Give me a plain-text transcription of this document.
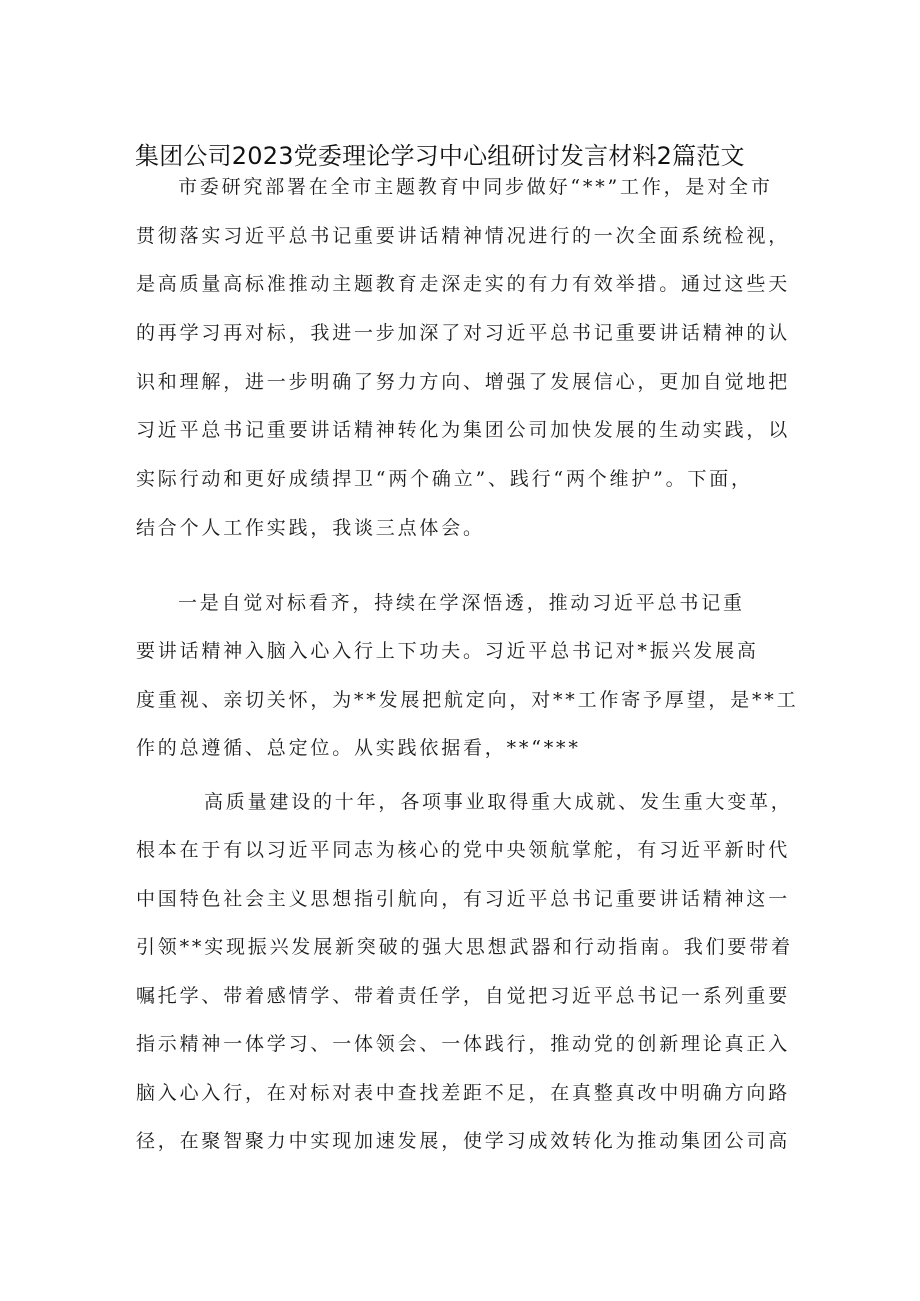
集团公司2023党委理论学习中心组研讨发言材料2篇范文
市委研究部署在全市主题教育中同步做好“**”工作，是对全市
贯彻落实习近平总书记重要讲话精神情况进行的一次全面系统检视，
是高质量高标准推动主题教育走深走实的有力有效举措。通过这些天
的再学习再对标，我进一步加深了对习近平总书记重要讲话精神的认
识和理解，进一步明确了努力方向、增强了发展信心，更加自觉地把
习近平总书记重要讲话精神转化为集团公司加快发展的生动实践，以
实际行动和更好成绩捍卫“两个确立”、践行“两个维护”。下面，
结合个人工作实践，我谈三点体会。
一是自觉对标看齐，持续在学深悟透，推动习近平总书记重
要讲话精神入脑入心入行上下功夫。习近平总书记对*振兴发展高
度重视、亲切关怀，为**发展把航定向，对**工作寄予厚望，是**工
作的总遵循、总定位。从实践依据看，**“***
高质量建设的十年，各项事业取得重大成就、发生重大变革，
根本在于有以习近平同志为核心的党中央领航掌舵，有习近平新时代
中国特色社会主义思想指引航向，有习近平总书记重要讲话精神这一
引领**实现振兴发展新突破的强大思想武器和行动指南。我们要带着
嘱托学、带着感情学、带着责任学，自觉把习近平总书记一系列重要
指示精神一体学习、一体领会、一体践行，推动党的创新理论真正入
脑入心入行，在对标对表中查找差距不足，在真整真改中明确方向路
径，在聚智聚力中实现加速发展，使学习成效转化为推动集团公司高
